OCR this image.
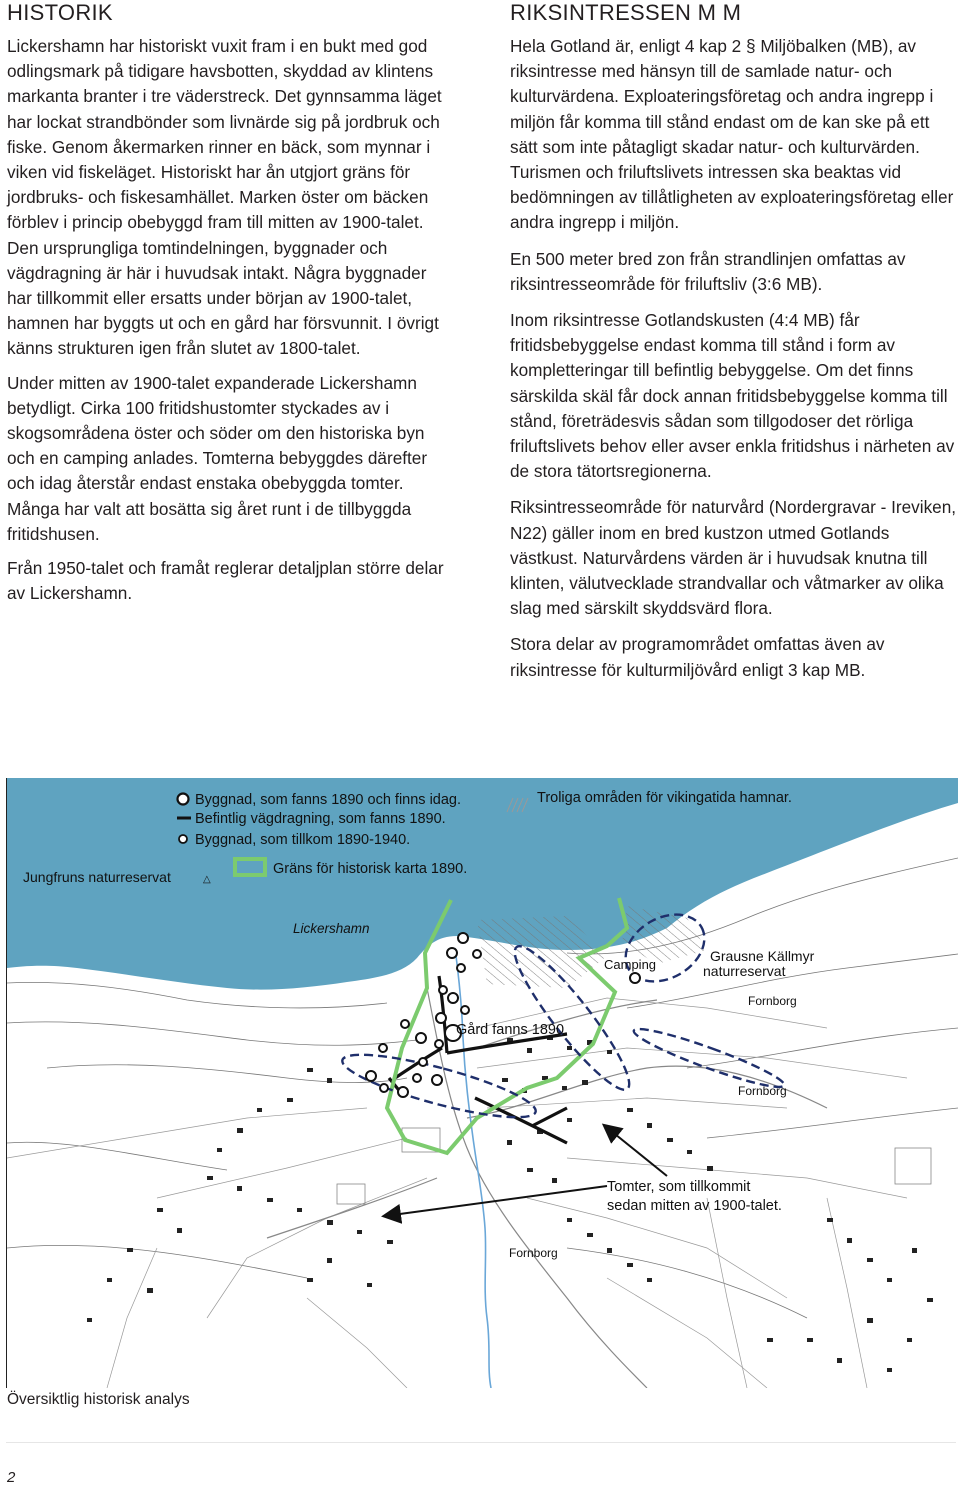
HISTORIK

Lickershamn har historiskt vuxit fram i en bukt med god odlingsmark på tidigare havsbotten, skyddad av klintens markanta branter i tre väderstreck. Det gynnsamma läget har lockat strandbönder som livnärde sig på jordbruk och fiske. Genom åkermarken rinner en bäck, som mynnar i viken vid fiskeläget. Historiskt har ån utgjort gräns för jordbruks- och fiskesamhället. Marken öster om bäcken förblev i princip obebyggd fram till mitten av 1900-talet. Den ursprungliga tomtindelningen, byggnader och vägdragning är här i huvudsak intakt. Några byggnader har tillkommit eller ersatts under början av 1900-talet, hamnen har byggts ut och en gård har försvunnit. I övrigt känns strukturen igen från slutet av 1800-talet.

Under mitten av 1900-talet expanderade Lickershamn betydligt. Cirka 100 fritidshustomter styckades av i skogsområdena öster och söder om den historiska byn och en camping anlades. Tomterna bebyggdes därefter och idag återstår endast enstaka obebyggda tomter. Många har valt att bosätta sig året runt i de tillbyggda fritidshusen.

Från 1950-talet och framåt reglerar detaljplan större delar av Lickershamn.

RIKSINTRESSEN M M

Hela Gotland är, enligt 4 kap 2 § Miljöbalken (MB), av riksintresse med hänsyn till de samlade natur- och kulturvärdena. Exploateringsföretag och andra ingrepp i miljön får komma till stånd endast om de kan ske på ett sätt som inte påtagligt skadar natur- och kulturvärden. Turismen och friluftslivets intressen ska beaktas vid bedömningen av tillåtligheten av exploateringsföretag eller andra ingrepp i miljön.

En 500 meter bred zon från strandlinjen omfattas av riksintresseområde för friluftsliv (3:6 MB).

Inom riksintresse Gotlandskusten (4:4 MB) får fritidsbebyggelse endast komma till stånd i form av kompletteringar till befintlig bebyggelse. Om det finns särskilda skäl får dock annan fritidsbebyggelse komma till stånd, företrädesvis sådan som tillgodoser det rörliga friluftslivets behov eller avser enkla fritidshus i närheten av de stora tätortsregionerna.

Riksintresseområde för naturvård (Nordergravar - Ireviken, N22) gäller inom en bred kustzon utmed Gotlands västkust. Naturvårdens värden är i huvudsak knutna till klinten, välutvecklade strandvallar och våtmarker av olika slag med särskilt skyddsvärd flora.

Stora delar av programområdet omfattas även av riksintresse för kulturmiljövård enligt 3 kap MB.

Byggnad, som fanns 1890 och finns idag.
Befintlig vägdragning, som fanns 1890.
Byggnad, som tillkom 1890-1940.
Gräns för historisk karta 1890.
Troliga områden för vikingatida hamnar.
Jungfruns naturreservat	△
Lickershamn
Camping
Grausne Källmyr
naturreservat
Fornborg
Fornborg
Fornborg
Gård fanns 1890.
Tomter, som tillkommit
sedan mitten av 1900-talet.
Översiktlig historisk analys
2
